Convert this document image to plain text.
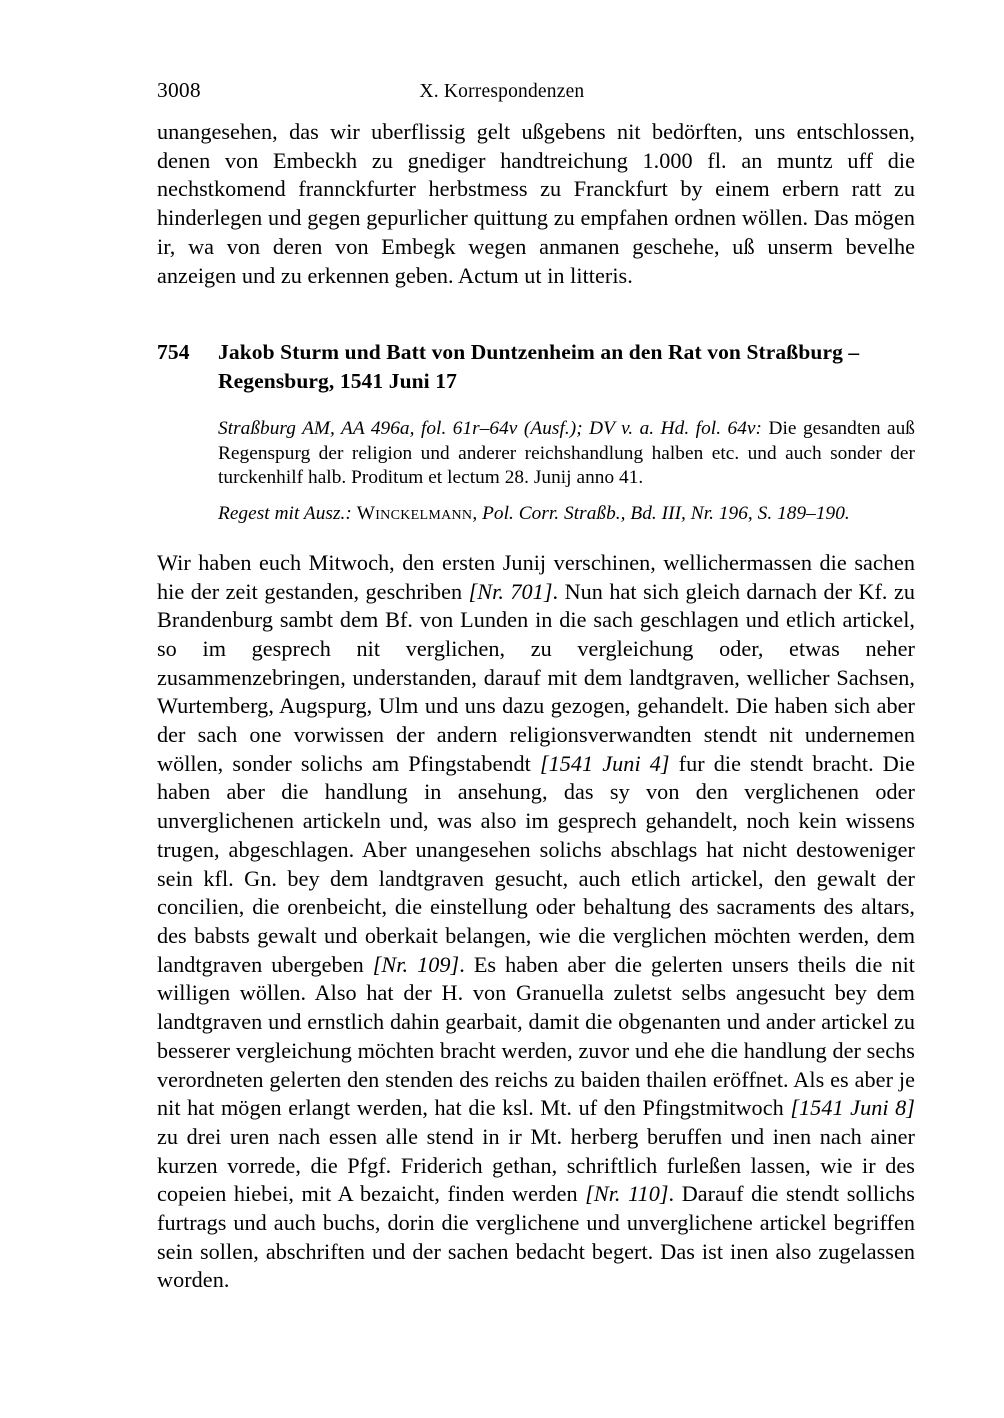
3008	X. Korrespondenzen

unangesehen, das wir uberflissig gelt ußgebens nit bedörften, uns entschlossen, denen von Embeckh zu gnediger handtreichung 1.000 fl. an muntz uff die nechstkomend frannckfurter herbstmess zu Franckfurt by einem erbern ratt zu hinderlegen und gegen gepurlicher quittung zu empfahen ordnen wöllen. Das mögen ir, wa von deren von Embegk wegen anmanen geschehe, uß unserm bevelhe anzeigen und zu erkennen geben. Actum ut in litteris.

754 Jakob Sturm und Batt von Duntzenheim an den Rat von Straßburg – Regensburg, 1541 Juni 17
Straßburg AM, AA 496a, fol. 61r–64v (Ausf.); DV v. a. Hd. fol. 64v: Die gesandten auß Regenspurg der religion und anderer reichshandlung halben etc. und auch sonder der turckenhilf halb. Proditum et lectum 28. Junij anno 41.
Regest mit Ausz.: Winckelmann, Pol. Corr. Straßb., Bd. III, Nr. 196, S. 189–190.

Wir haben euch Mitwoch, den ersten Junij verschinen, wellichermassen die sachen hie der zeit gestanden, geschriben [Nr. 701]. Nun hat sich gleich darnach der Kf. zu Brandenburg sambt dem Bf. von Lunden in die sach geschlagen und etlich artickel, so im gesprech nit verglichen, zu vergleichung oder, etwas neher zusammenzebringen, understanden, darauf mit dem landtgraven, wellicher Sachsen, Wurtemberg, Augspurg, Ulm und uns dazu gezogen, gehandelt. Die haben sich aber der sach one vorwissen der andern religionsverwandten stendt nit undernemen wöllen, sonder solichs am Pfingstabendt [1541 Juni 4] fur die stendt bracht. Die haben aber die handlung in ansehung, das sy von den verglichenen oder unverglichenen artickeln und, was also im gesprech gehandelt, noch kein wissens trugen, abgeschlagen. Aber unangesehen solichs abschlags hat nicht destoweniger sein kfl. Gn. bey dem landtgraven gesucht, auch etlich artickel, den gewalt der concilien, die orenbeicht, die einstellung oder behaltung des sacraments des altars, des babsts gewalt und oberkait belangen, wie die verglichen möchten werden, dem landtgraven ubergeben [Nr. 109]. Es haben aber die gelerten unsers theils die nit willigen wöllen. Also hat der H. von Granuella zuletst selbs angesucht bey dem landtgraven und ernstlich dahin gearbait, damit die obgenanten und ander artickel zu besserer vergleichung möchten bracht werden, zuvor und ehe die handlung der sechs verordneten gelerten den stenden des reichs zu baiden thailen eröffnet. Als es aber je nit hat mögen erlangt werden, hat die ksl. Mt. uf den Pfingstmitwoch [1541 Juni 8] zu drei uren nach essen alle stend in ir Mt. herberg beruffen und inen nach ainer kurzen vorrede, die Pfgf. Friderich gethan, schriftlich furleßen lassen, wie ir des copeien hiebei, mit A bezaicht, finden werden [Nr. 110]. Darauf die stendt sollichs furtrags und auch buchs, dorin die verglichene und unverglichene artickel begriffen sein sollen, abschriften und der sachen bedacht begert. Das ist inen also zugelassen worden.
